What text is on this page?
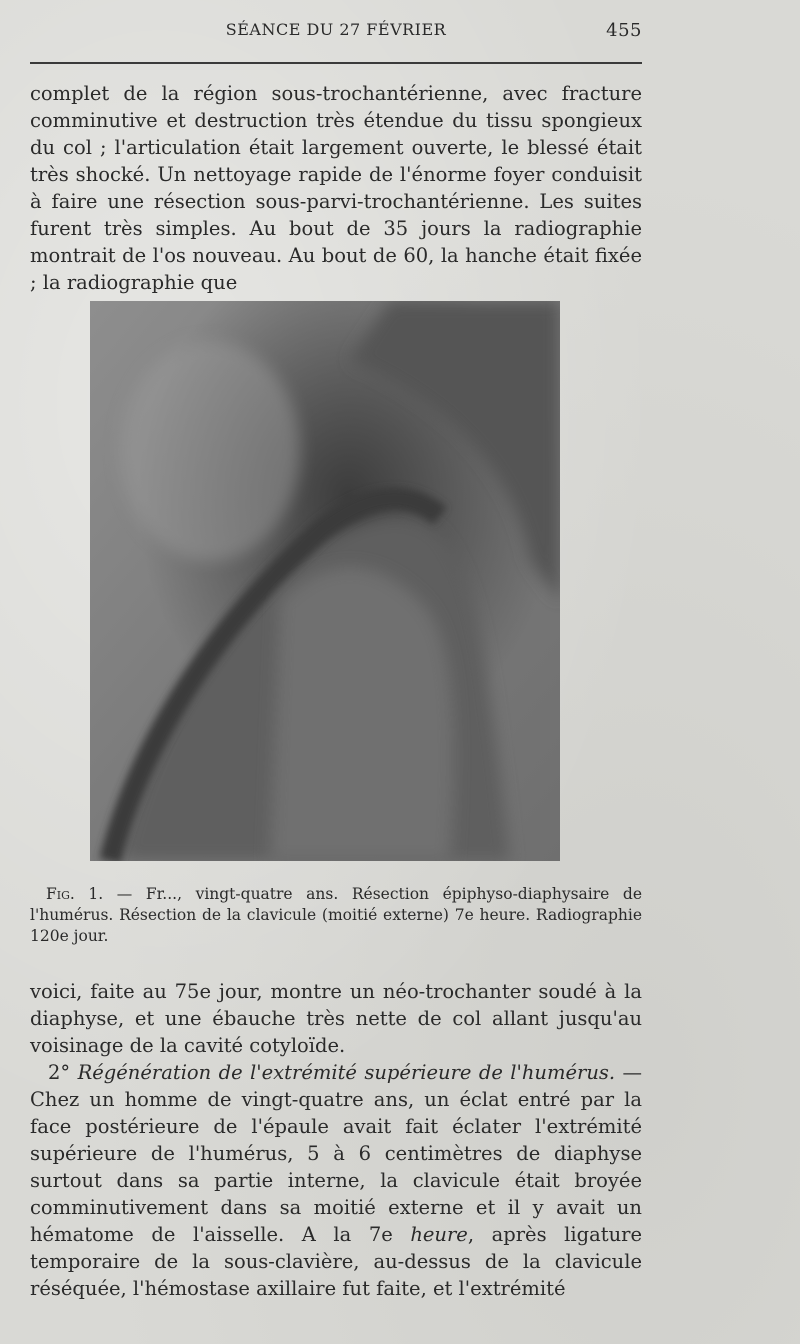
SÉANCE DU 27 FÉVRIER	455

complet de la région sous-trochantérienne, avec fracture comminutive et destruction très étendue du tissu spongieux du col ; l'articulation était largement ouverte, le blessé était très shocké. Un nettoyage rapide de l'énorme foyer conduisit à faire une résection sous-parvi-trochantérienne. Les suites furent très simples. Au bout de 35 jours la radiographie montrait de l'os nouveau. Au bout de 60, la hanche était fixée ; la radiographie que

Fig. 1. — Fr..., vingt-quatre ans. Résection épiphyso-diaphysaire de l'humérus. Résection de la clavicule (moitié externe) 7e heure. Radiographie 120e jour.

voici, faite au 75e jour, montre un néo-trochanter soudé à la diaphyse, et une ébauche très nette de col allant jusqu'au voisinage de la cavité cotyloïde.

2° Régénération de l'extrémité supérieure de l'humérus. — Chez un homme de vingt-quatre ans, un éclat entré par la face postérieure de l'épaule avait fait éclater l'extrémité supérieure de l'humérus, 5 à 6 centimètres de diaphyse surtout dans sa partie interne, la clavicule était broyée comminutivement dans sa moitié externe et il y avait un hématome de l'aisselle. A la 7e heure, après ligature temporaire de la sous-clavière, au-dessus de la clavicule réséquée, l'hémostase axillaire fut faite, et l'extrémité
